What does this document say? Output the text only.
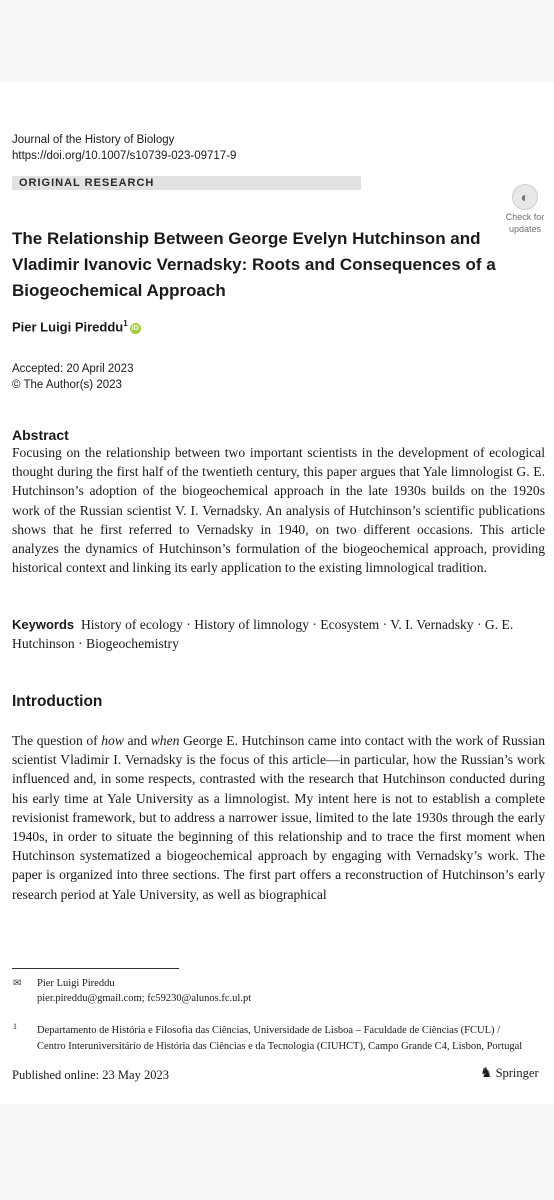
Journal of the History of Biology
https://doi.org/10.1007/s10739-023-09717-9
ORIGINAL RESEARCH
◐
Check for
updates
The Relationship Between George Evelyn Hutchinson and Vladimir Ivanovic Vernadsky: Roots and Consequences of a Biogeochemical Approach
Pier Luigi Pireddu$^1$iD
Accepted: 20 April 2023
© The Author(s) 2023
Abstract
Focusing on the relationship between two important scientists in the development of ecological thought during the first half of the twentieth century, this paper argues that Yale limnologist G. E. Hutchinson’s adoption of the biogeochemical approach in the late 1930s builds on the 1920s work of the Russian scientist V. I. Vernadsky. An analysis of Hutchinson’s scientific publications shows that he first referred to Vernadsky in 1940, on two different occasions. This article analyzes the dynamics of Hutchinson’s formulation of the biogeochemical approach, providing historical context and linking its early application to the existing limnological tradition.
Keywords History of ecology · History of limnology · Ecosystem · V. I. Vernadsky · G. E. Hutchinson · Biogeochemistry
Introduction
The question of how and when George E. Hutchinson came into contact with the work of Russian scientist Vladimir I. Vernadsky is the focus of this article—in particular, how the Russian’s work influenced and, in some respects, contrasted with the research that Hutchinson conducted during his early time at Yale University as a limnologist. My intent here is not to establish a complete revisionist framework, but to address a narrower issue, limited to the late 1930s through the early 1940s, in order to situate the beginning of this relationship and to trace the first moment when Hutchinson systematized a biogeochemical approach by engaging with Vernadsky’s work. The paper is organized into three sections. The first part offers a reconstruction of Hutchinson’s early research period at Yale University, as well as biographical
✉ Pier Luigi Pireddu
pier.pireddu@gmail.com; fc59230@alunos.fc.ul.pt
1 Departamento de História e Filosofia das Ciências, Universidade de Lisboa – Faculdade de Ciências (FCUL) / Centro Interuniversitário de História das Ciências e da Tecnologia (CIUHCT), Campo Grande C4, Lisbon, Portugal
Published online: 23 May 2023	♞ Springer
